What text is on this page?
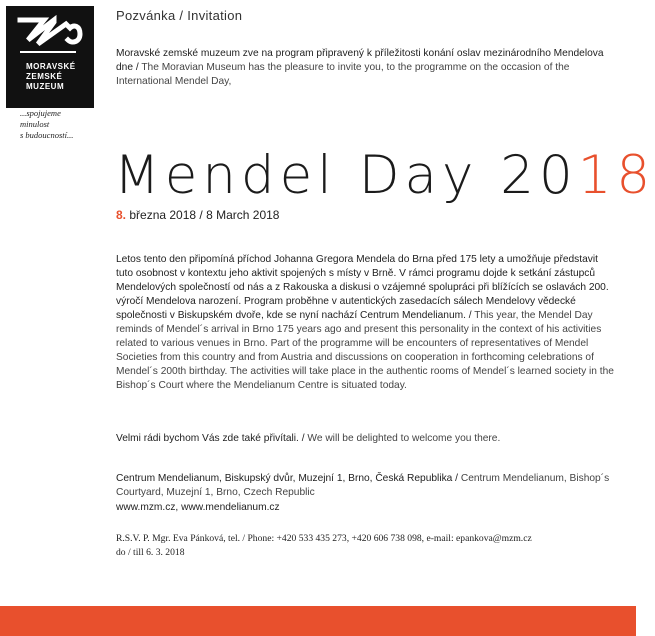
MORAVSKÉ
ZEMSKÉ
MUZEUM
...spojujeme
minulost
s budoucností...
Pozvánka / Invitation
Moravské zemské muzeum zve na program připravený k příležitosti konání oslav mezinárodního Mendelova dne / The Moravian Museum has the pleasure to invite you, to the programme on the occasion of the International Mendel Day,
Mendel Day 2018
8. března 2018 / 8 March 2018
Letos tento den připomíná příchod Johanna Gregora Mendela do Brna před 175 lety a umožňuje představit tuto osobnost v kontextu jeho aktivit spojených s místy v Brně. V rámci programu dojde k setkání zástupců Mendelových společností od nás a z Rakouska a diskusi o vzájemné spolupráci při blížících se oslavách 200. výročí Mendelova narození. Program proběhne v autentických zasedacích sálech Mendelovy vědecké společnosti v Biskupském dvoře, kde se nyní nachází Centrum Mendelianum. / This year, the Mendel Day reminds of Mendel´s arrival in Brno 175 years ago and present this personality in the context of his activities related to various venues in Brno. Part of the programme will be encounters of representatives of Mendel Societies from this country and from Austria and discussions on cooperation in forthcoming celebrations of Mendel´s 200th birthday. The activities will take place in the authentic rooms of Mendel´s learned society in the Bishop´s Court where the Mendelianum Centre is situated today.
Velmi rádi bychom Vás zde také přivítali. / We will be delighted to welcome you there.
Centrum Mendelianum, Biskupský dvůr, Muzejní 1, Brno, Česká Republika / Centrum Mendelianum, Bishop´s Courtyard, Muzejní 1, Brno, Czech Republic
www.mzm.cz, www.mendelianum.cz
R.S.V. P. Mgr. Eva Pánková, tel. / Phone: +420 533 435 273, +420 606 738 098, e-mail: epankova@mzm.cz
do / till 6. 3. 2018
